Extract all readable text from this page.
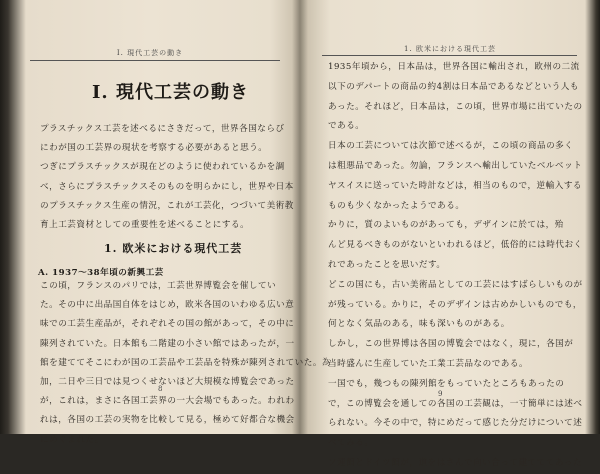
I. 現代工芸の動き
I. 現代工芸の動き
プラスチックス工芸を述べるにさきだって，世界各国ならび
にわが国の工芸界の現状を考察する必要があると思う。
つぎにプラスチックスが現在どのように使われているかを調
べ，さらにプラスチックスそのものを明らかにし，世界や日本
のプラスチックス生産の情況，これが工芸化，つづいて美術教
育上工芸資材としての重要性を述べることにする。
1. 欧米における現代工芸
A. 1937〜38年頃の新興工芸
この頃，フランスのパリでは，工芸世界博覧会を催してい
た。その中に出品国自体をはじめ，欧米各国のいわゆる広い意
味での工芸生産品が，それぞれその国の館があって，その中に
陳列されていた。日本館も二階建の小さい館ではあったが，一
館を建ててそこにわが国の工芸品や工芸品を特殊が陳列されていた。為
加，二日や三日では見つくせないほど大規模な博覧会であった
が，これは，まさに各国工芸界の一大会場でもあった。われわ
れは，各国の工芸の実物を比較して見る，極めて好都合な機会
にめぐまれた。
8
1. 欧米における現代工芸
1935年頃から，日本品は，世界各国に輸出され，欧州の二流
以下のデパートの商品の約4割は日本品であるなどという人も
あった。それほど，日本品は，この頃，世界市場に出ていたの
である。
日本の工芸については次節で述べるが，この頃の商品の多く
は粗悪品であった。勿論，フランスへ輸出していたベルベット
ヤスイスに送っていた時計などは，相当のもので，逆輸入する
ものも少くなかったようである。
かりに，質のよいものがあっても，デザインに於ては，殆
んど見るべきものがないといわれるほど，低俗的には時代おく
れであったことを思いだす。
どこの国にも，古い美術品としての工芸にはすばらしいものが
が残っている。かりに，そのデザインは古めかしいものでも，
何となく気品のある，味も深いものがある。
しかし，この世界博は各国の博覧会ではなく，現に，各国が
当時盛んに生産していた工業工芸品なのである。
一国でも，幾つもの陳列館をもっていたところもあったの
で，この博覧会を通しての各国の工芸観は，一寸簡単には述べ
られない。今その中で，特にめだって感じた分だけについて述
べてみる。
ソ連館とドイツ館が，道をはさんで向い合って建てててあった
9
